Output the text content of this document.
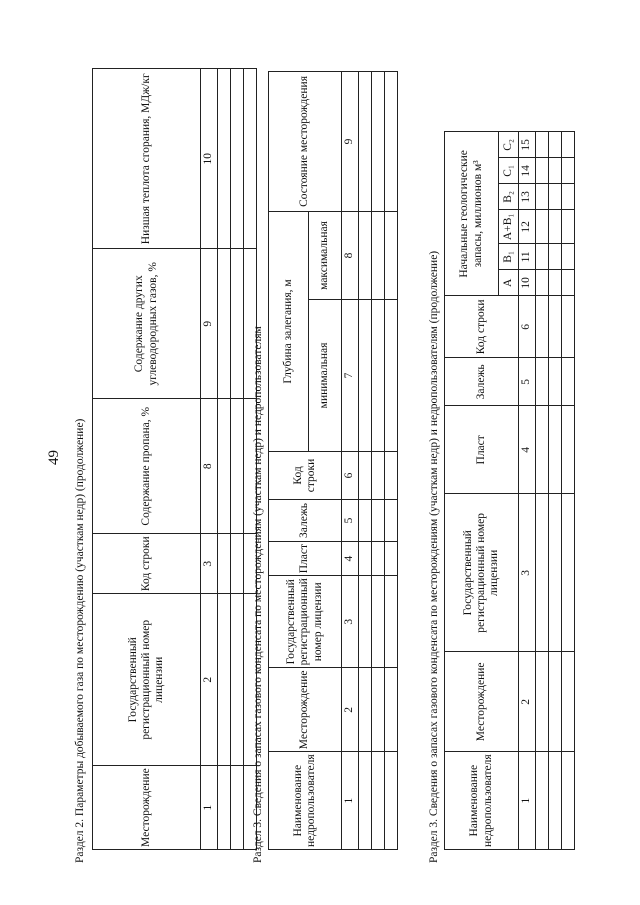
49 Раздел 2. Параметры добываемого газа по месторождению (участкам недр) (продолжение)	Месторождение	Государственный регистрационный номер лицензии	Код строки	Содержание пропана, %	Содержание других углеводородных газов, %	Низшая теплота сгорания, МДж/кг
1	2	3	8	9	10

Раздел 3. Сведения о запасах газового конденсата по месторождениям (участкам недр) и недропользователям Наименование недропользователя	Месторождение	Государственный регистрационный номер лицензии	Пласт	Залежь	Код строки	Глубина залегания, м		Состояние месторождения
						минимальная	максимальная	
1	2	3	4	5	6	7	8	9

Раздел 3. Сведения о запасах газового конденсата по месторождениям (участкам недр) и недропользователям (продолжение) Наименование недропользователя	Месторождение	Государственный регистрационный номер лицензии	Пласт	Залежь	Код строки	Начальные геологические запасы, миллионов м³					
						А	В₁	А+В₁	В₂	С₁	С₂
1	2	3	4	5	6	10	11	12	13	14	15
